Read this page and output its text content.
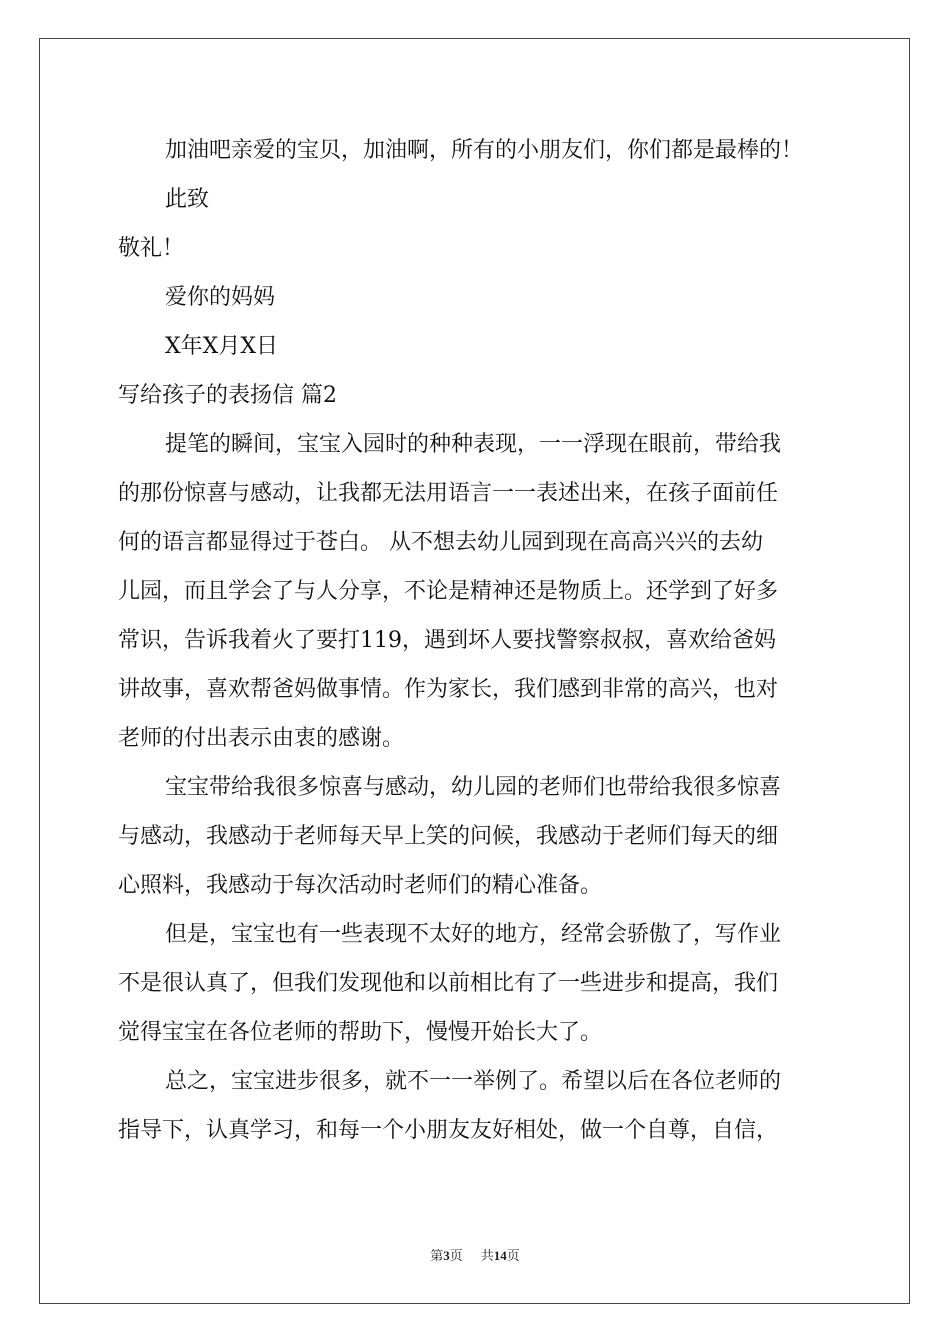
加油吧亲爱的宝贝，加油啊，所有的小朋友们，你们都是最棒的！
此致
敬礼！
爱你的妈妈
X年X月X日
写给孩子的表扬信 篇2
提笔的瞬间，宝宝入园时的种种表现，一一浮现在眼前，带给我
的那份惊喜与感动，让我都无法用语言一一表述出来，在孩子面前任
何的语言都显得过于苍白。 从不想去幼儿园到现在高高兴兴的去幼
儿园，而且学会了与人分享，不论是精神还是物质上。还学到了好多
常识，告诉我着火了要打119，遇到坏人要找警察叔叔，喜欢给爸妈
讲故事，喜欢帮爸妈做事情。作为家长，我们感到非常的高兴，也对
老师的付出表示由衷的感谢。
宝宝带给我很多惊喜与感动，幼儿园的老师们也带给我很多惊喜
与感动，我感动于老师每天早上笑的问候，我感动于老师们每天的细
心照料，我感动于每次活动时老师们的精心准备。
但是，宝宝也有一些表现不太好的地方，经常会骄傲了，写作业
不是很认真了，但我们发现他和以前相比有了一些进步和提高，我们
觉得宝宝在各位老师的帮助下，慢慢开始长大了。
总之，宝宝进步很多，就不一一举例了。希望以后在各位老师的
指导下，认真学习，和每一个小朋友友好相处，做一个自尊，自信，
第3页 共14页
